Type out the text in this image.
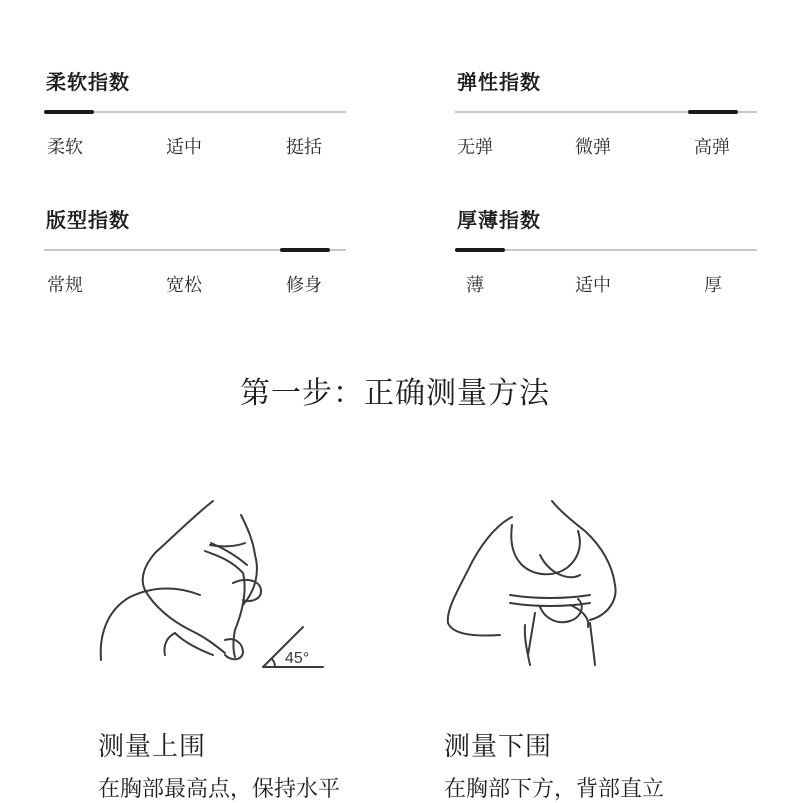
柔软指数
柔软	适中	挺括
弹性指数
无弹	微弹	高弹
版型指数
常规	宽松	修身
厚薄指数
薄	适中	厚
第一步：正确测量方法
45°
测量上围
在胸部最高点，保持水平
测量下围
在胸部下方，背部直立
